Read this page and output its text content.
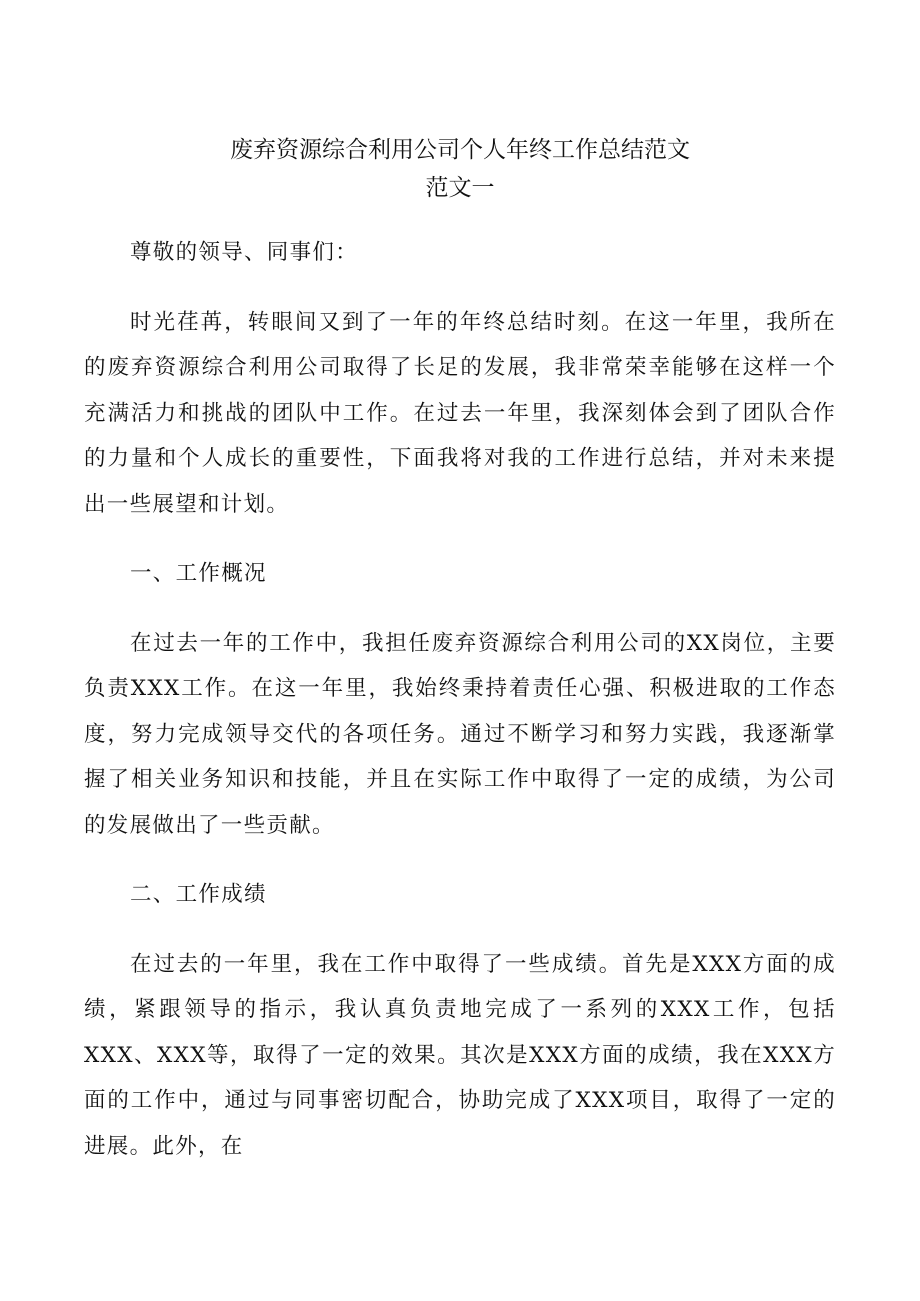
废弃资源综合利用公司个人年终工作总结范文
范文一

尊敬的领导、同事们：

时光荏苒，转眼间又到了一年的年终总结时刻。在这一年里，我所在的废弃资源综合利用公司取得了长足的发展，我非常荣幸能够在这样一个充满活力和挑战的团队中工作。在过去一年里，我深刻体会到了团队合作的力量和个人成长的重要性，下面我将对我的工作进行总结，并对未来提出一些展望和计划。

一、工作概况

在过去一年的工作中，我担任废弃资源综合利用公司的XX岗位，主要负责XXX工作。在这一年里，我始终秉持着责任心强、积极进取的工作态度，努力完成领导交代的各项任务。通过不断学习和努力实践，我逐渐掌握了相关业务知识和技能，并且在实际工作中取得了一定的成绩，为公司的发展做出了一些贡献。

二、工作成绩

在过去的一年里，我在工作中取得了一些成绩。首先是XXX方面的成绩，紧跟领导的指示，我认真负责地完成了一系列的XXX工作，包括XXX、XXX等，取得了一定的效果。其次是XXX方面的成绩，我在XXX方面的工作中，通过与同事密切配合，协助完成了XXX项目，取得了一定的进展。此外，在
